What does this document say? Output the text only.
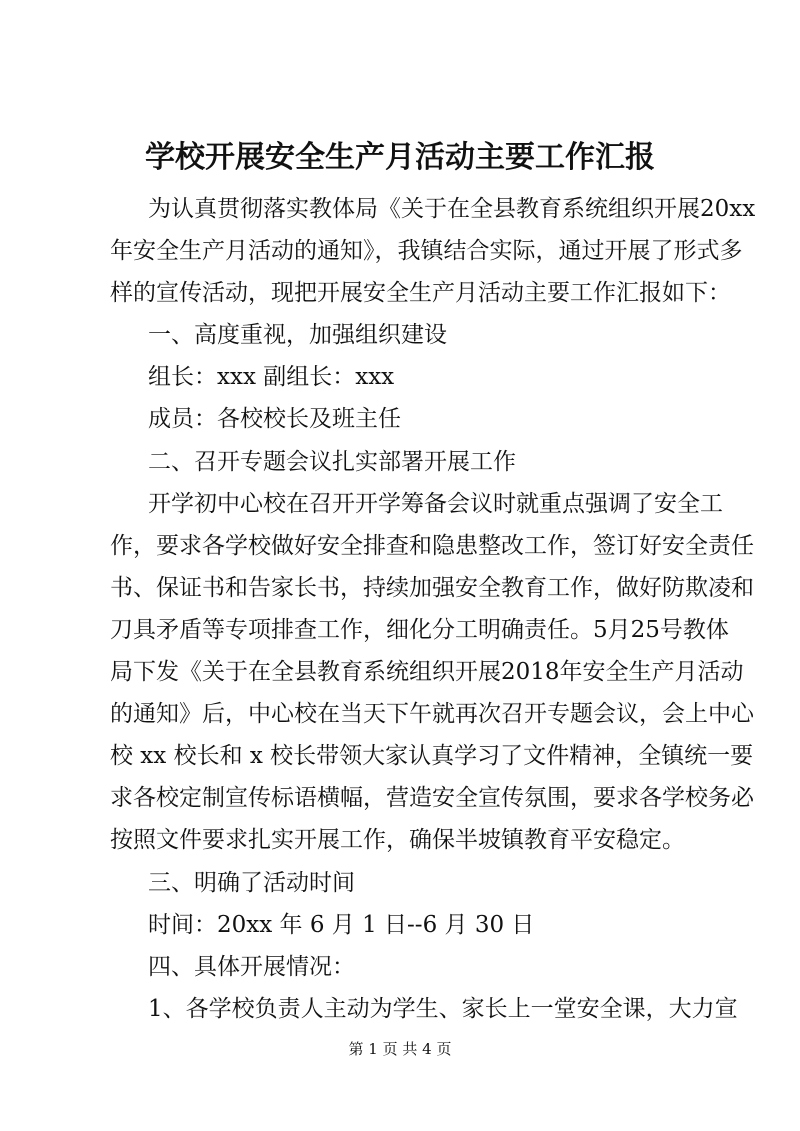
学校开展安全生产月活动主要工作汇报
为认真贯彻落实教体局《关于在全县教育系统组织开展20xx
年安全生产月活动的通知》，我镇结合实际，通过开展了形式多
样的宣传活动，现把开展安全生产月活动主要工作汇报如下：
一、高度重视，加强组织建设
组长：xxx 副组长：xxx
成员：各校校长及班主任
二、召开专题会议扎实部署开展工作
开学初中心校在召开开学筹备会议时就重点强调了安全工
作，要求各学校做好安全排查和隐患整改工作，签订好安全责任
书、保证书和告家长书，持续加强安全教育工作，做好防欺凌和
刀具矛盾等专项排查工作，细化分工明确责任。5月25号教体
局下发《关于在全县教育系统组织开展2018年安全生产月活动
的通知》后，中心校在当天下午就再次召开专题会议，会上中心
校 xx 校长和 x 校长带领大家认真学习了文件精神，全镇统一要
求各校定制宣传标语横幅，营造安全宣传氛围，要求各学校务必
按照文件要求扎实开展工作，确保半坡镇教育平安稳定。
三、明确了活动时间
时间：20xx 年 6 月 1 日--6 月 30 日
四、具体开展情况：
1、各学校负责人主动为学生、家长上一堂安全课，大力宣
第 1 页 共 4 页
